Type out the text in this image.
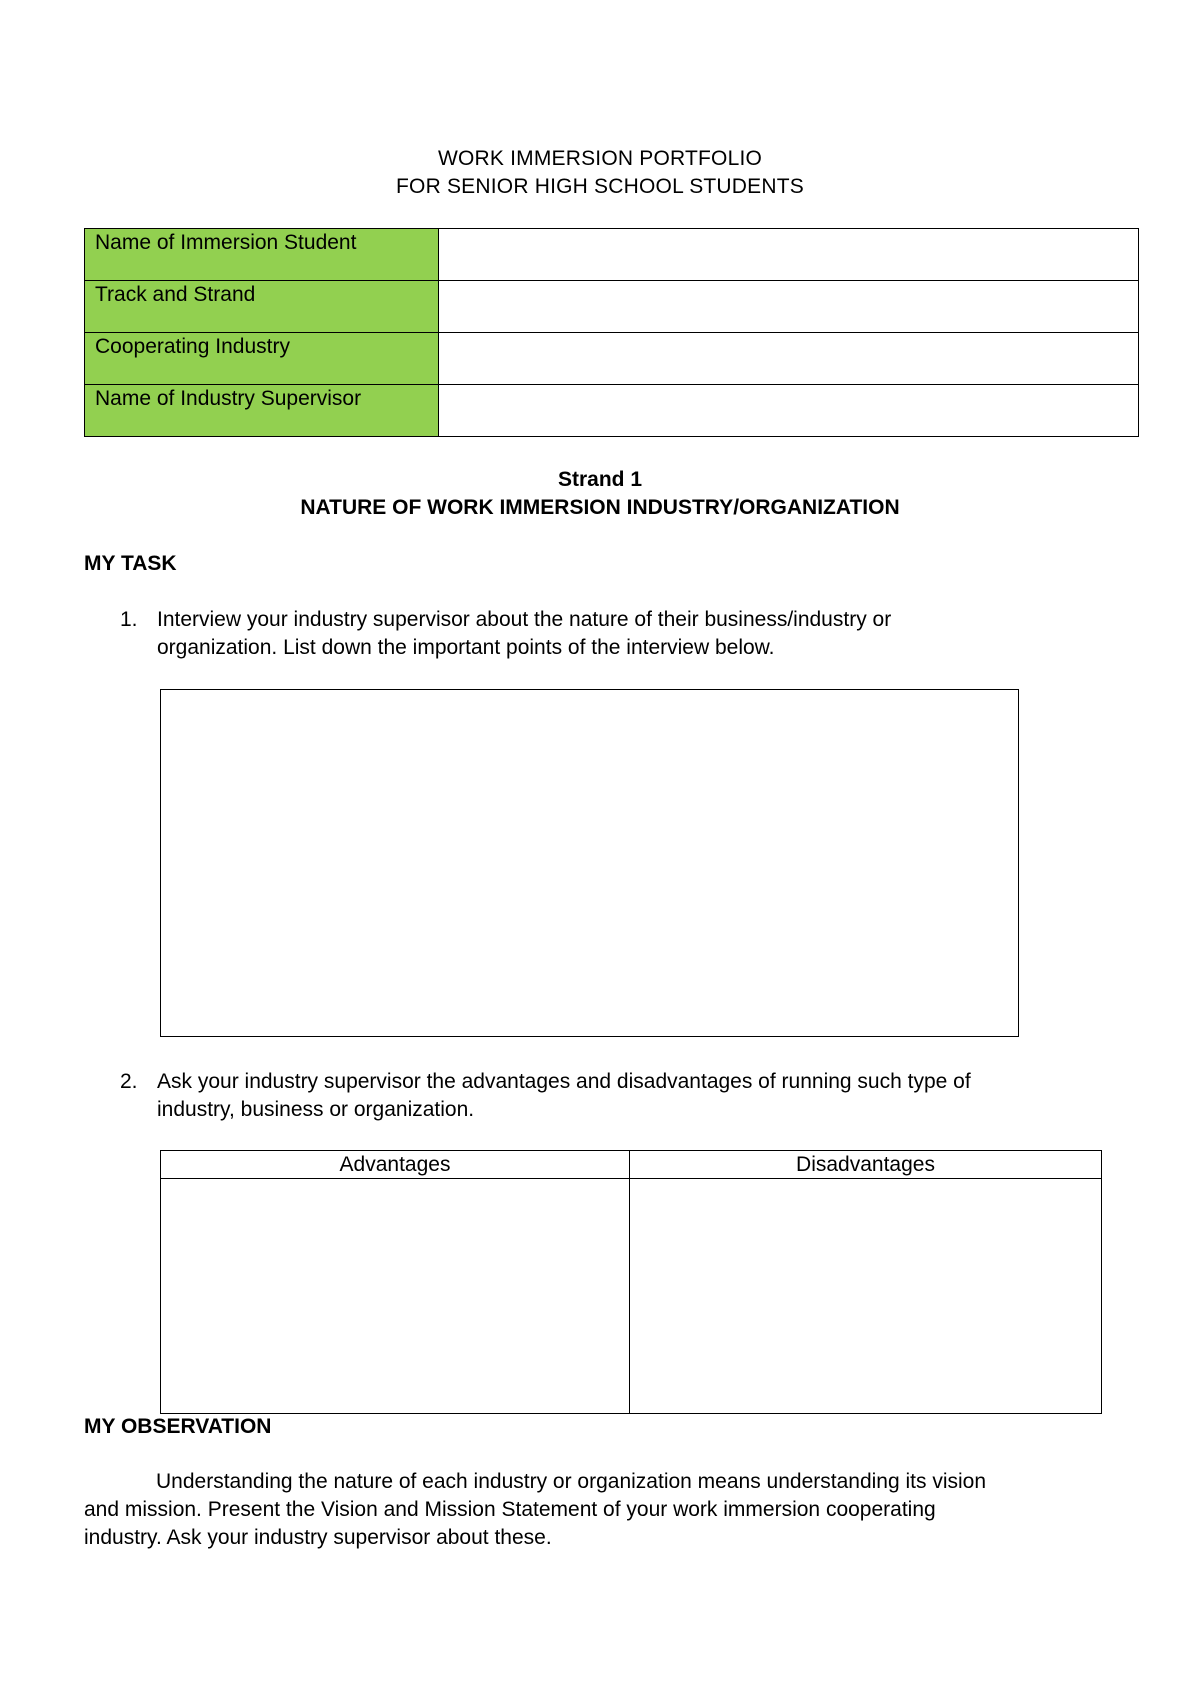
WORK IMMERSION PORTFOLIO
FOR SENIOR HIGH SCHOOL STUDENTS
Name of Immersion Student	
Track and Strand	
Cooperating Industry	
Name of Industry Supervisor	
Strand 1
NATURE OF WORK IMMERSION INDUSTRY/ORGANIZATION
MY TASK
1. Interview your industry supervisor about the nature of their business/industry or
organization. List down the important points of the interview below.
2. Ask your industry supervisor the advantages and disadvantages of running such type of
industry, business or organization.
Advantages	Disadvantages

MY OBSERVATION
Understanding the nature of each industry or organization means understanding its vision
and mission. Present the Vision and Mission Statement of your work immersion cooperating
industry. Ask your industry supervisor about these.
